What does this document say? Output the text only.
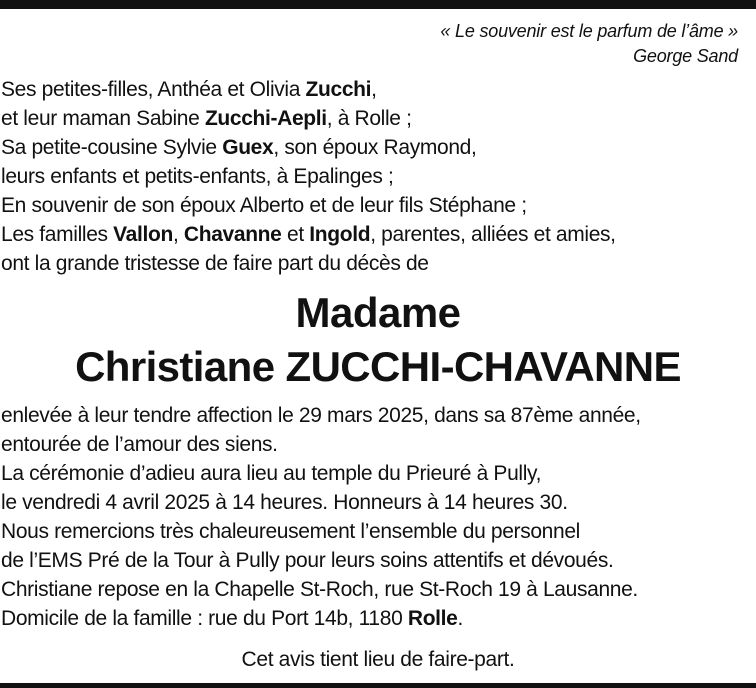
« Le souvenir est le parfum de l’âme »
George Sand
Ses petites-filles, Anthéa et Olivia Zucchi,
et leur maman Sabine Zucchi-Aepli, à Rolle ;
Sa petite-cousine Sylvie Guex, son époux Raymond,
leurs enfants et petits-enfants, à Epalinges ;
En souvenir de son époux Alberto et de leur fils Stéphane ;
Les familles Vallon, Chavanne et Ingold, parentes, alliées et amies,
ont la grande tristesse de faire part du décès de
Madame
Christiane ZUCCHI-CHAVANNE
enlevée à leur tendre affection le 29 mars 2025, dans sa 87ème année,
entourée de l’amour des siens.
La cérémonie d’adieu aura lieu au temple du Prieuré à Pully,
le vendredi 4 avril 2025 à 14 heures. Honneurs à 14 heures 30.
Nous remercions très chaleureusement l’ensemble du personnel
de l’EMS Pré de la Tour à Pully pour leurs soins attentifs et dévoués.
Christiane repose en la Chapelle St-Roch, rue St-Roch 19 à Lausanne.
Domicile de la famille : rue du Port 14b, 1180 Rolle.
Cet avis tient lieu de faire-part.
